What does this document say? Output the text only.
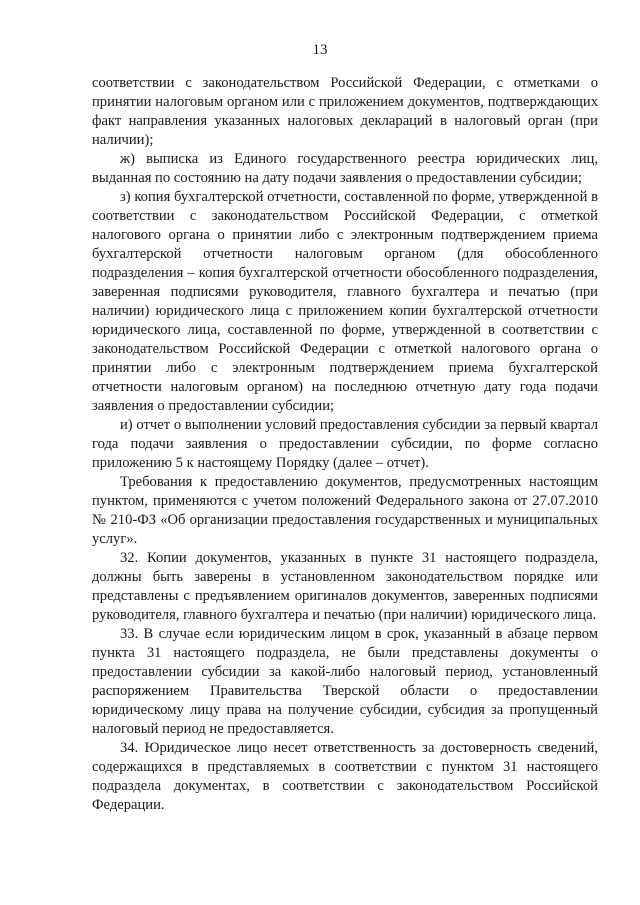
13

соответствии с законодательством Российской Федерации, с отметками о принятии налоговым органом или с приложением документов, подтверждающих факт направления указанных налоговых деклараций в налоговый орган (при наличии);

ж) выписка из Единого государственного реестра юридических лиц, выданная по состоянию на дату подачи заявления о предоставлении субсидии;

з) копия бухгалтерской отчетности, составленной по форме, утвержденной в соответствии с законодательством Российской Федерации, с отметкой налогового органа о принятии либо с электронным подтверждением приема бухгалтерской отчетности налоговым органом (для обособленного подразделения – копия бухгалтерской отчетности обособленного подразделения, заверенная подписями руководителя, главного бухгалтера и печатью (при наличии) юридического лица с приложением копии бухгалтерской отчетности юридического лица, составленной по форме, утвержденной в соответствии с законодательством Российской Федерации с отметкой налогового органа о принятии либо с электронным подтверждением приема бухгалтерской отчетности налоговым органом) на последнюю отчетную дату года подачи заявления о предоставлении субсидии;

и) отчет о выполнении условий предоставления субсидии за первый квартал года подачи заявления о предоставлении субсидии, по форме согласно приложению 5 к настоящему Порядку (далее – отчет).

Требования к предоставлению документов, предусмотренных настоящим пунктом, применяются с учетом положений Федерального закона от 27.07.2010 № 210-ФЗ «Об организации предоставления государственных и муниципальных услуг».

32. Копии документов, указанных в пункте 31 настоящего подраздела, должны быть заверены в установленном законодательством порядке или представлены с предъявлением оригиналов документов, заверенных подписями руководителя, главного бухгалтера и печатью (при наличии) юридического лица.

33. В случае если юридическим лицом в срок, указанный в абзаце первом пункта 31 настоящего подраздела, не были представлены документы о предоставлении субсидии за какой-либо налоговый период, установленный распоряжением Правительства Тверской области о предоставлении юридическому лицу права на получение субсидии, субсидия за пропущенный налоговый период не предоставляется.

34. Юридическое лицо несет ответственность за достоверность сведений, содержащихся в представляемых в соответствии с пунктом 31 настоящего подраздела документах, в соответствии с законодательством Российской Федерации.
